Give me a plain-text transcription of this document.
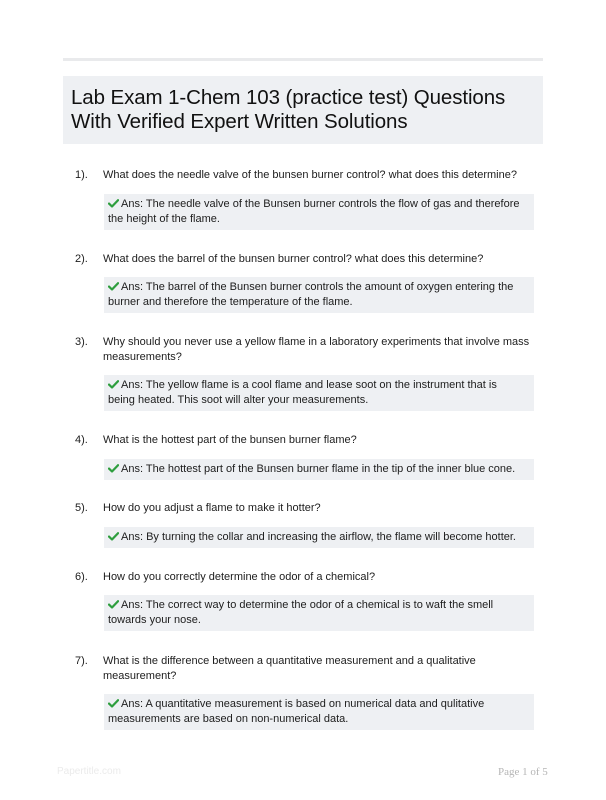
Lab Exam 1-Chem 103 (practice test) Questions With Verified Expert Written Solutions
1). What does the needle valve of the bunsen burner control? what does this determine?
Ans: The needle valve of the Bunsen burner controls the flow of gas and therefore the height of the flame.
2). What does the barrel of the bunsen burner control? what does this determine?
Ans: The barrel of the Bunsen burner controls the amount of oxygen entering the burner and therefore the temperature of the flame.
3). Why should you never use a yellow flame in a laboratory experiments that involve mass measurements?
Ans: The yellow flame is a cool flame and lease soot on the instrument that is being heated. This soot will alter your measurements.
4). What is the hottest part of the bunsen burner flame?
Ans: The hottest part of the Bunsen burner flame in the tip of the inner blue cone.
5). How do you adjust a flame to make it hotter?
Ans: By turning the collar and increasing the airflow, the flame will become hotter.
6). How do you correctly determine the odor of a chemical?
Ans: The correct way to determine the odor of a chemical is to waft the smell towards your nose.
7). What is the difference between a quantitative measurement and a qualitative measurement?
Ans: A quantitative measurement is based on numerical data and qulitative measurements are based on non-numerical data.
Papertitle.com	Page 1 of 5
